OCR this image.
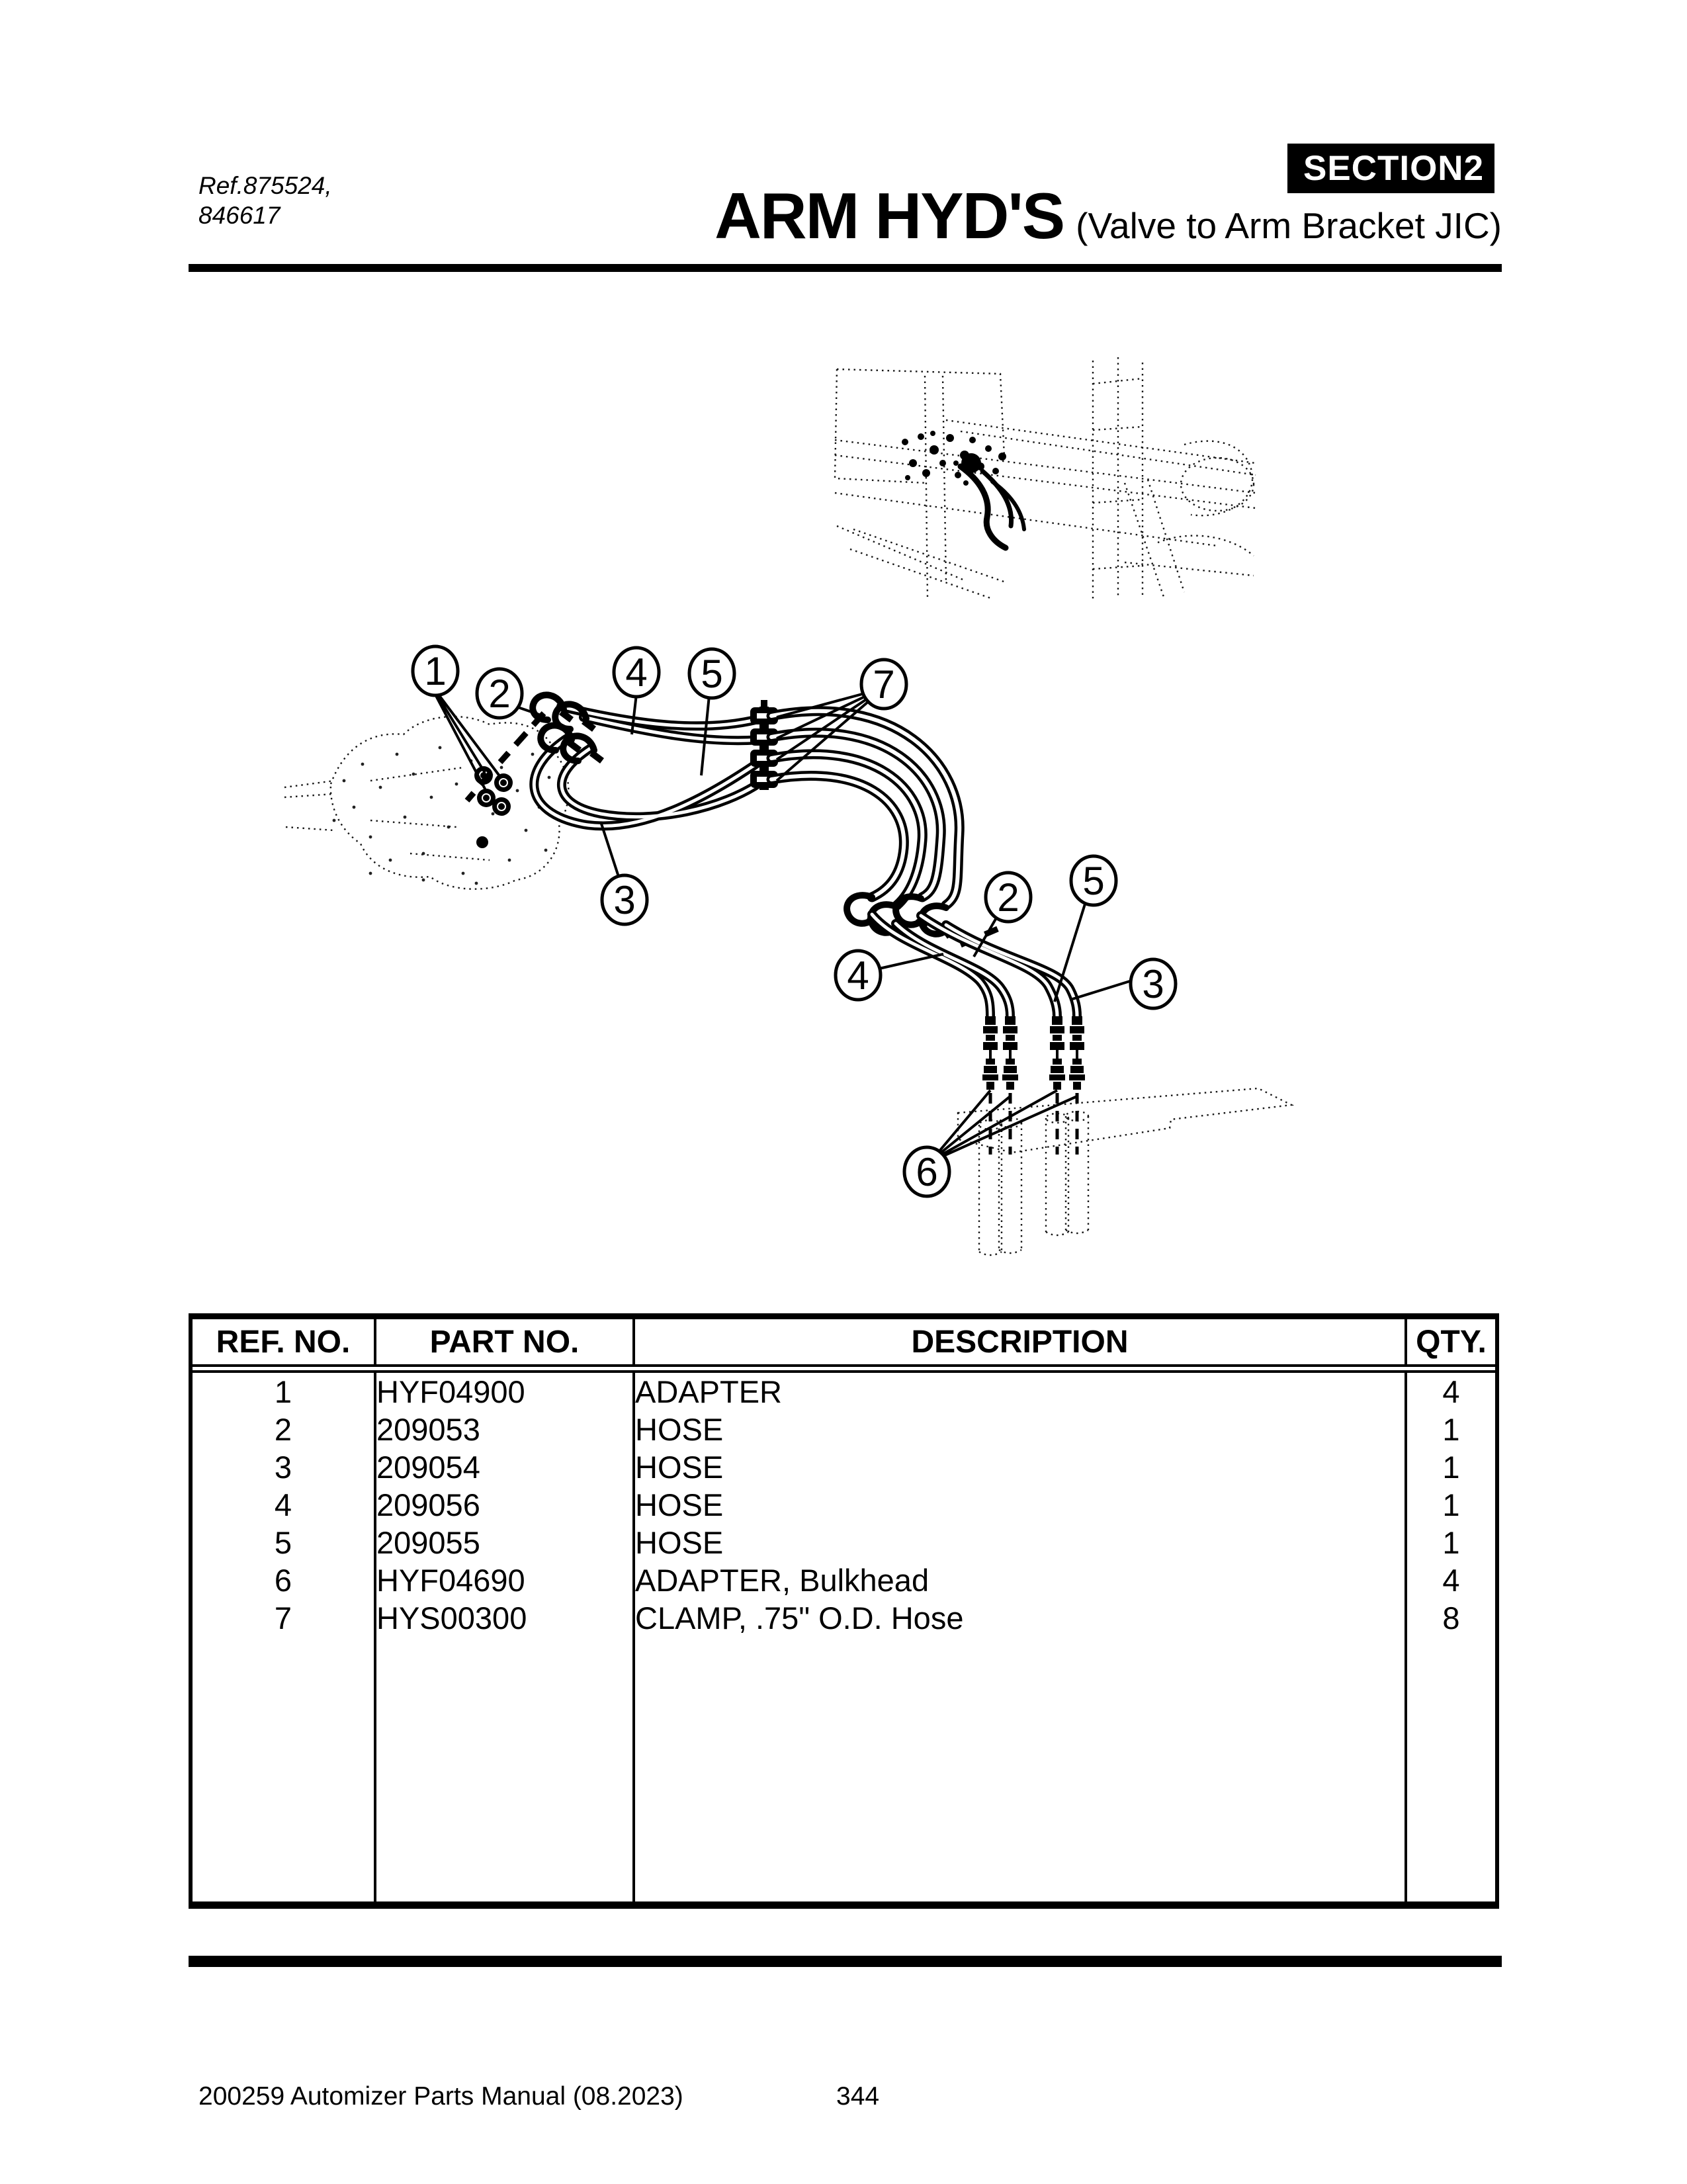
Ref.875524,
846617
SECTION 2
ARM HYD'S (Valve to Arm Bracket JIC)
1
2	4 5	7
3	2 5
4	3
6
REF. NO.	PART NO.	DESCRIPTION	QTY.
1	HYF04900	ADAPTER	4
2	209053	HOSE	1
3	209054	HOSE	1
4	209056	HOSE	1
5	209055	HOSE	1
6	HYF04690	ADAPTER, Bulkhead	4
7	HYS00300	CLAMP, .75" O.D. Hose	8

200259 Automizer Parts Manual (08.2023)	344
